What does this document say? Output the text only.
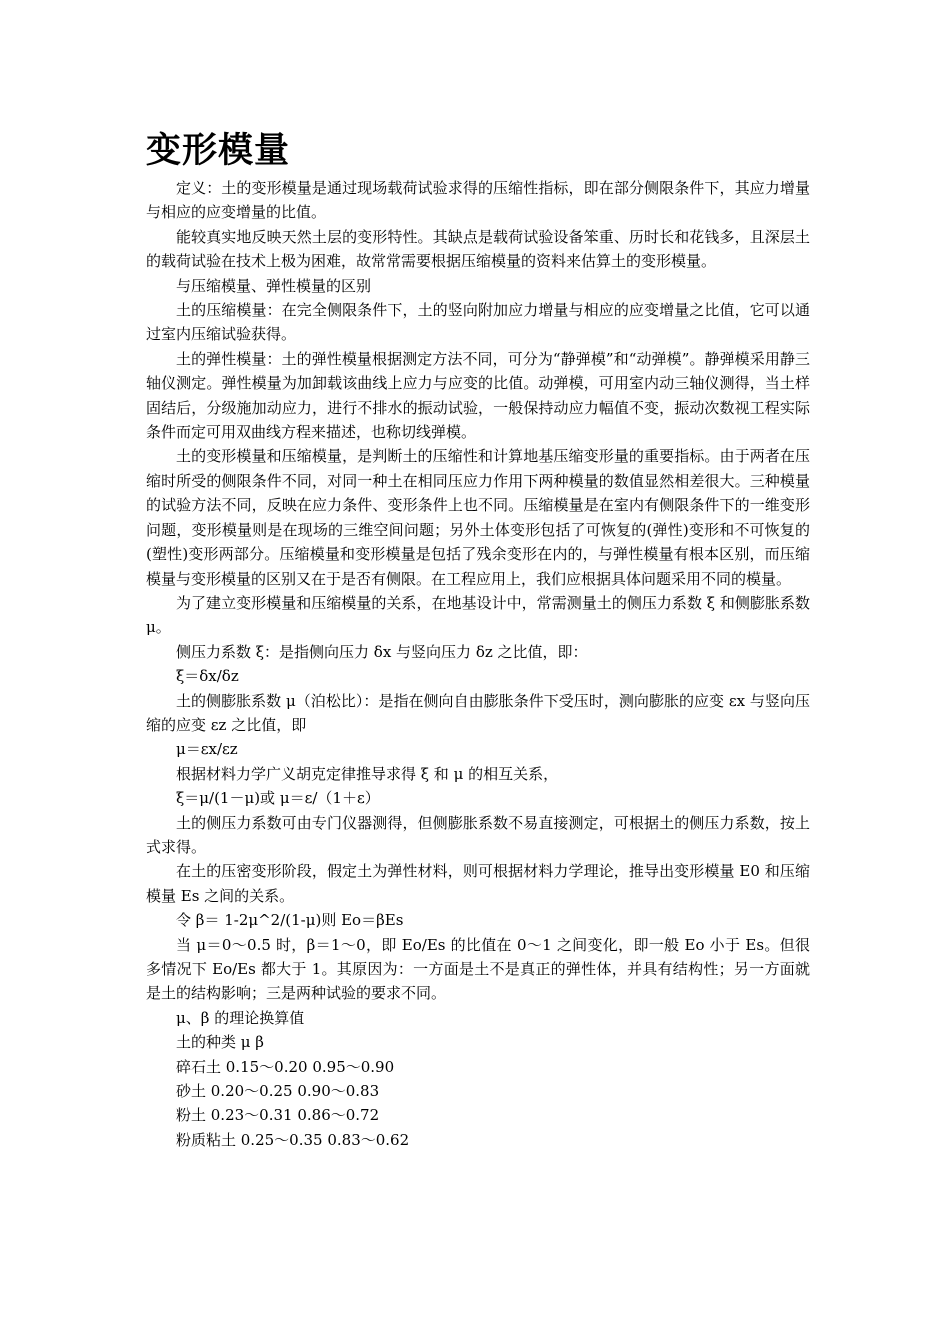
变形模量

定义：土的变形模量是通过现场载荷试验求得的压缩性指标，即在部分侧限条件下，其应力增量与相应的应变增量的比值。

能较真实地反映天然土层的变形特性。其缺点是载荷试验设备笨重、历时长和花钱多，且深层土的载荷试验在技术上极为困难，故常常需要根据压缩模量的资料来估算土的变形模量。

与压缩模量、弹性模量的区别

土的压缩模量：在完全侧限条件下，土的竖向附加应力增量与相应的应变增量之比值，它可以通过室内压缩试验获得。

土的弹性模量：土的弹性模量根据测定方法不同，可分为“静弹模”和“动弹模”。静弹模采用静三轴仪测定。弹性模量为加卸载该曲线上应力与应变的比值。动弹模，可用室内动三轴仪测得，当土样固结后，分级施加动应力，进行不排水的振动试验，一般保持动应力幅值不变，振动次数视工程实际条件而定可用双曲线方程来描述，也称切线弹模。

土的变形模量和压缩模量，是判断土的压缩性和计算地基压缩变形量的重要指标。由于两者在压缩时所受的侧限条件不同，对同一种土在相同压应力作用下两种模量的数值显然相差很大。三种模量的试验方法不同，反映在应力条件、变形条件上也不同。压缩模量是在室内有侧限条件下的一维变形问题，变形模量则是在现场的三维空间问题；另外土体变形包括了可恢复的(弹性)变形和不可恢复的(塑性)变形两部分。压缩模量和变形模量是包括了残余变形在内的，与弹性模量有根本区别，而压缩模量与变形模量的区别又在于是否有侧限。在工程应用上，我们应根据具体问题采用不同的模量。

为了建立变形模量和压缩模量的关系，在地基设计中，常需测量土的侧压力系数 ξ 和侧膨胀系数 μ。

侧压力系数 ξ：是指侧向压力 δx 与竖向压力 δz 之比值，即：

ξ＝δx/δz

土的侧膨胀系数 μ（泊松比）：是指在侧向自由膨胀条件下受压时，测向膨胀的应变 εx 与竖向压缩的应变 εz 之比值，即

μ＝εx/εz

根据材料力学广义胡克定律推导求得 ξ 和 μ 的相互关系，

ξ＝μ/(1－μ)或 μ＝ε/（1＋ε）

土的侧压力系数可由专门仪器测得，但侧膨胀系数不易直接测定，可根据土的侧压力系数，按上式求得。

在土的压密变形阶段，假定土为弹性材料，则可根据材料力学理论，推导出变形模量 E0 和压缩模量 Es 之间的关系。

令 β＝ 1-2μ^2/(1-μ)则 Eo＝βEs

当 μ＝0～0.5 时，β＝1～0，即 Eo/Es 的比值在 0～1 之间变化，即一般 Eo 小于 Es。但很多情况下 Eo/Es 都大于 1。其原因为：一方面是土不是真正的弹性体，并具有结构性；另一方面就是土的结构影响；三是两种试验的要求不同。

μ、β 的理论换算值

土的种类 μ β

碎石土 0.15～0.20 0.95～0.90

砂土 0.20～0.25 0.90～0.83

粉土 0.23～0.31 0.86～0.72

粉质粘土 0.25～0.35 0.83～0.62
